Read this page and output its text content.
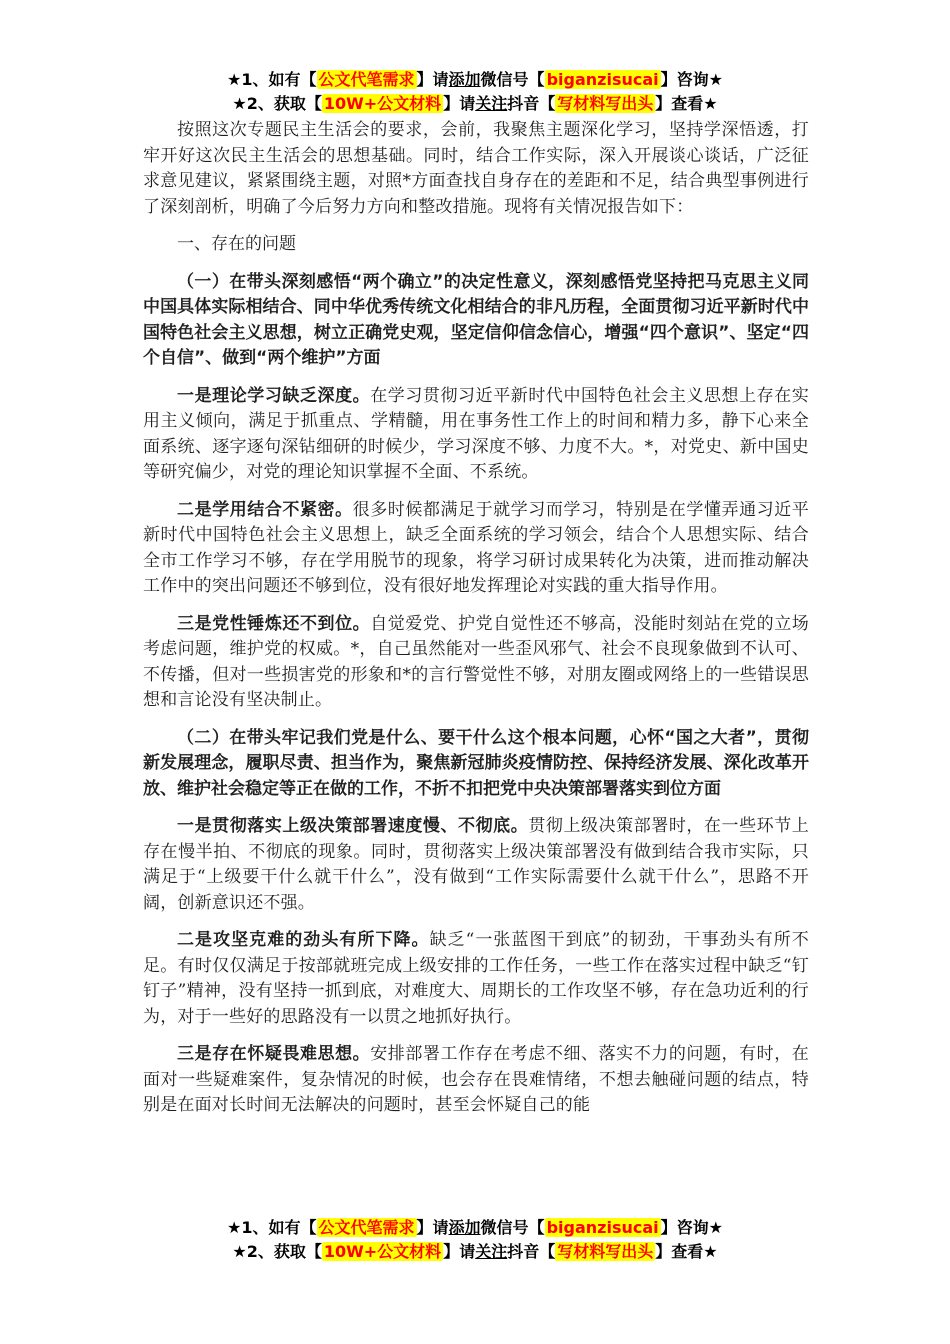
★1、如有【 公文代笔需求 】请添加微信号【 biganzisucai 】咨询★
★2、获取【 10W+公文材料 】请关注抖音【 写材料写出头 】查看★

按照这次专题民主生活会的要求，会前，我聚焦主题深化学习，坚持学深悟透，打牢开好这次民主生活会的思想基础。同时，结合工作实际，深入开展谈心谈话，广泛征求意见建议，紧紧围绕主题，对照*方面查找自身存在的差距和不足，结合典型事例进行了深刻剖析，明确了今后努力方向和整改措施。现将有关情况报告如下：

一、存在的问题

（一）在带头深刻感悟“两个确立”的决定性意义，深刻感悟党坚持把马克思主义同中国具体实际相结合、同中华优秀传统文化相结合的非凡历程，全面贯彻习近平新时代中国特色社会主义思想，树立正确党史观，坚定信仰信念信心，增强“四个意识”、坚定“四个自信”、做到“两个维护”方面

一是理论学习缺乏深度。在学习贯彻习近平新时代中国特色社会主义思想上存在实用主义倾向，满足于抓重点、学精髓，用在事务性工作上的时间和精力多，静下心来全面系统、逐字逐句深钻细研的时候少，学习深度不够、力度不大。*，对党史、新中国史等研究偏少，对党的理论知识掌握不全面、不系统。

二是学用结合不紧密。很多时候都满足于就学习而学习，特别是在学懂弄通习近平新时代中国特色社会主义思想上，缺乏全面系统的学习领会，结合个人思想实际、结合全市工作学习不够，存在学用脱节的现象，将学习研讨成果转化为决策，进而推动解决工作中的突出问题还不够到位，没有很好地发挥理论对实践的重大指导作用。

三是党性锤炼还不到位。自觉爱党、护党自觉性还不够高，没能时刻站在党的立场考虑问题，维护党的权威。*，自己虽然能对一些歪风邪气、社会不良现象做到不认可、不传播，但对一些损害党的形象和*的言行警觉性不够，对朋友圈或网络上的一些错误思想和言论没有坚决制止。

（二）在带头牢记我们党是什么、要干什么这个根本问题，心怀“国之大者”，贯彻新发展理念，履职尽责、担当作为，聚焦新冠肺炎疫情防控、保持经济发展、深化改革开放、维护社会稳定等正在做的工作，不折不扣把党中央决策部署落实到位方面

一是贯彻落实上级决策部署速度慢、不彻底。贯彻上级决策部署时，在一些环节上存在慢半拍、不彻底的现象。同时，贯彻落实上级决策部署没有做到结合我市实际，只满足于“上级要干什么就干什么”，没有做到“工作实际需要什么就干什么”，思路不开阔，创新意识还不强。

二是攻坚克难的劲头有所下降。缺乏“一张蓝图干到底”的韧劲，干事劲头有所不足。有时仅仅满足于按部就班完成上级安排的工作任务，一些工作在落实过程中缺乏“钉钉子”精神，没有坚持一抓到底，对难度大、周期长的工作攻坚不够，存在急功近利的行为，对于一些好的思路没有一以贯之地抓好执行。

三是存在怀疑畏难思想。安排部署工作存在考虑不细、落实不力的问题，有时，在面对一些疑难案件，复杂情况的时候，也会存在畏难情绪，不想去触碰问题的结点，特别是在面对长时间无法解决的问题时，甚至会怀疑自己的能

★1、如有【 公文代笔需求 】请添加微信号【 biganzisucai 】咨询★
★2、获取【 10W+公文材料 】请关注抖音【 写材料写出头 】查看★
